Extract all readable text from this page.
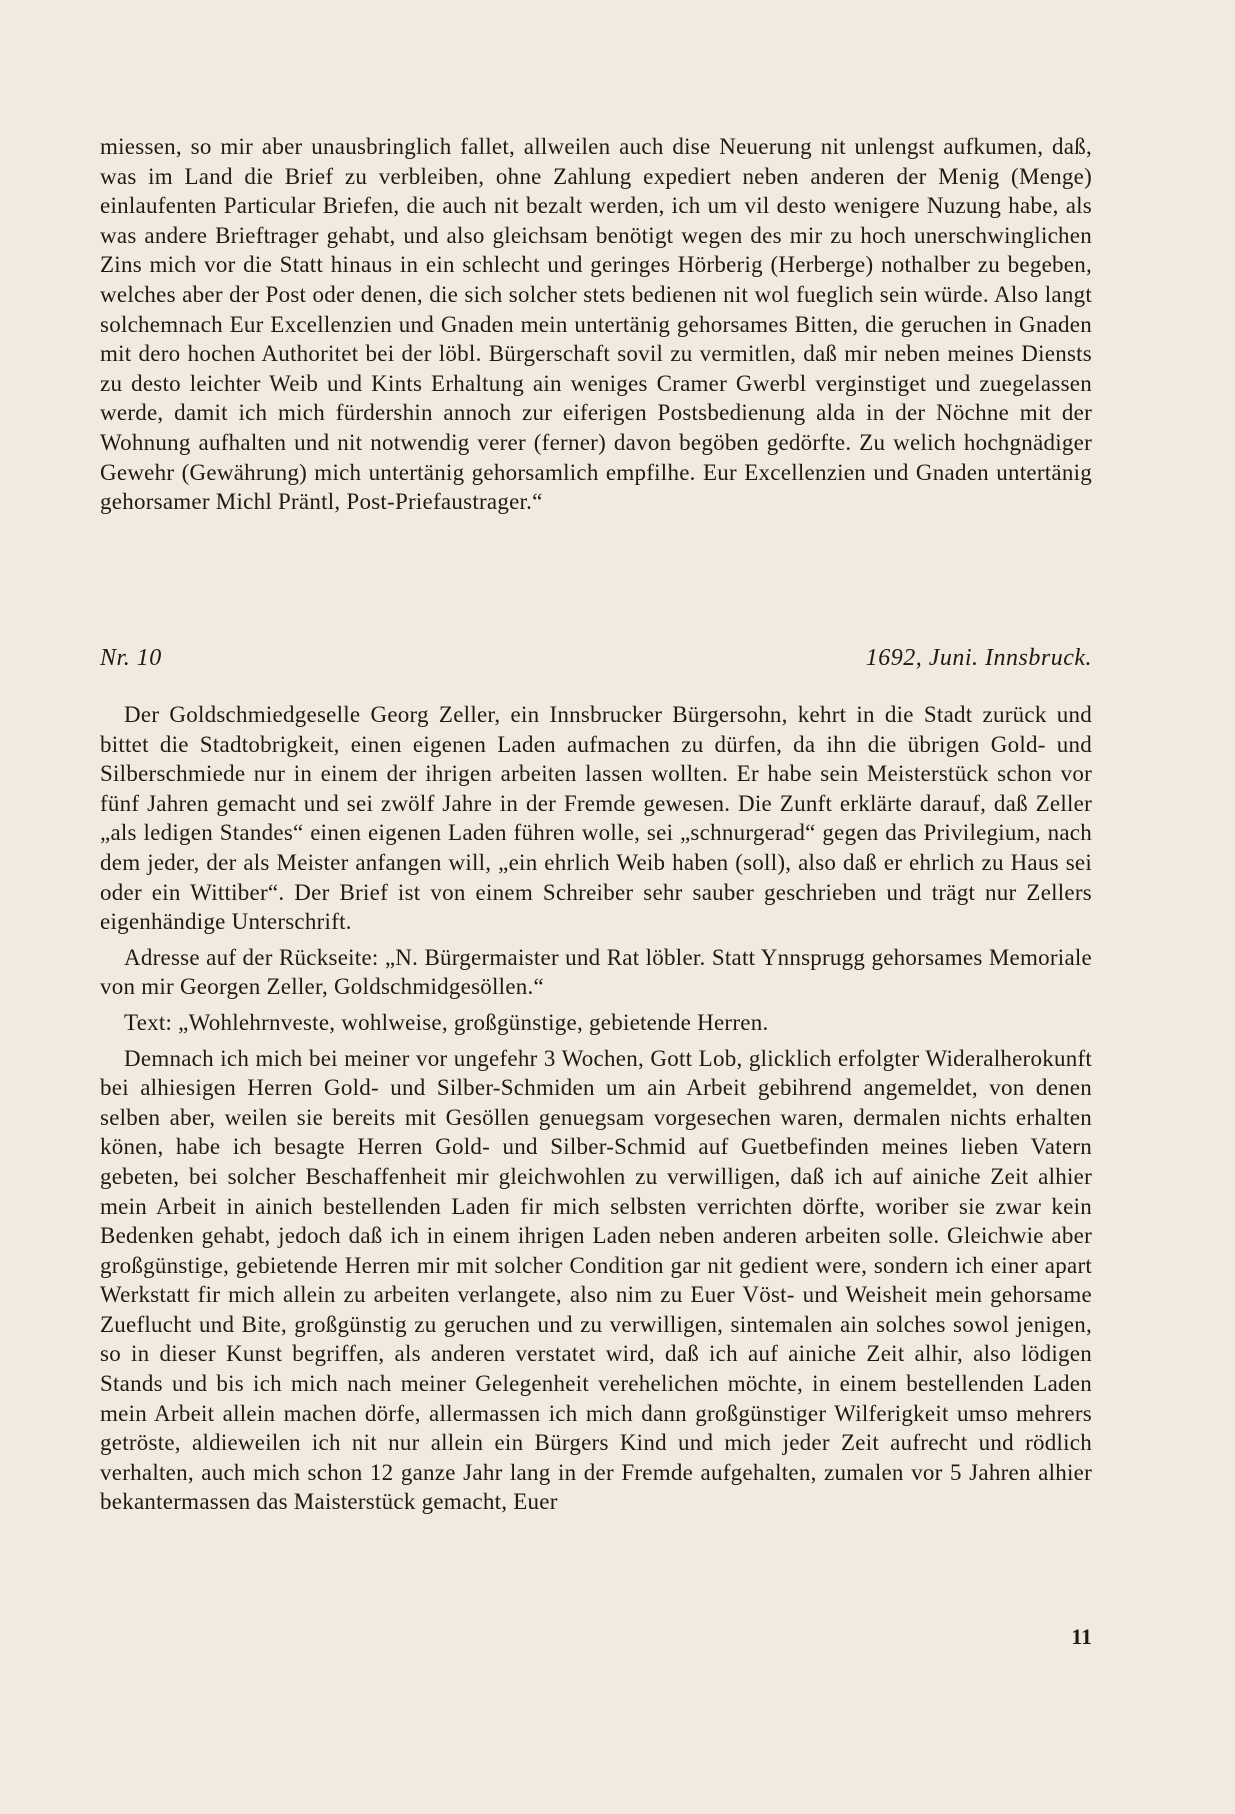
miessen, so mir aber unausbringlich fallet, allweilen auch dise Neuerung nit unlengst aufkumen, daß, was im Land die Brief zu verbleiben, ohne Zahlung expediert neben anderen der Menig (Menge) einlaufenten Particular Briefen, die auch nit bezalt werden, ich um vil desto wenigere Nuzung habe, als was andere Brieftrager gehabt, und also gleichsam benötigt wegen des mir zu hoch unerschwinglichen Zins mich vor die Statt hinaus in ein schlecht und geringes Hörberig (Herberge) nothalber zu begeben, welches aber der Post oder denen, die sich solcher stets bedienen nit wol fueglich sein würde. Also langt solchemnach Eur Excellenzien und Gnaden mein untertänig gehorsames Bitten, die geruchen in Gnaden mit dero hochen Authoritet bei der löbl. Bürgerschaft sovil zu vermitlen, daß mir neben meines Diensts zu desto leichter Weib und Kints Erhaltung ain weniges Cramer Gwerbl verginstiget und zuegelassen werde, damit ich mich fürdershin annoch zur eiferigen Postsbedienung alda in der Nöchne mit der Wohnung aufhalten und nit notwendig verer (ferner) davon begöben gedörfte. Zu welich hochgnädiger Gewehr (Gewährung) mich untertänig gehorsamlich empfilhe. Eur Excellenzien und Gnaden untertänig gehorsamer Michl Präntl, Post-Priefaustrager.“

Nr. 10	1692, Juni. Innsbruck.

Der Goldschmiedgeselle Georg Zeller, ein Innsbrucker Bürgersohn, kehrt in die Stadt zurück und bittet die Stadtobrigkeit, einen eigenen Laden aufmachen zu dürfen, da ihn die übrigen Gold- und Silberschmiede nur in einem der ihrigen arbeiten lassen wollten. Er habe sein Meisterstück schon vor fünf Jahren gemacht und sei zwölf Jahre in der Fremde gewesen. Die Zunft erklärte darauf, daß Zeller „als ledigen Standes“ einen eigenen Laden führen wolle, sei „schnurgerad“ gegen das Privilegium, nach dem jeder, der als Meister anfangen will, „ein ehrlich Weib haben (soll), also daß er ehrlich zu Haus sei oder ein Wittiber“. Der Brief ist von einem Schreiber sehr sauber geschrieben und trägt nur Zellers eigenhändige Unterschrift.

Adresse auf der Rückseite: „N. Bürgermaister und Rat löbler. Statt Ynnsprugg gehorsames Memoriale von mir Georgen Zeller, Goldschmidgesöllen.“

Text: „Wohlehrnveste, wohlweise, großgünstige, gebietende Herren.

Demnach ich mich bei meiner vor ungefehr 3 Wochen, Gott Lob, glicklich erfolgter Wideralherokunft bei alhiesigen Herren Gold- und Silber-Schmiden um ain Arbeit gebihrend angemeldet, von denen selben aber, weilen sie bereits mit Gesöllen genuegsam vorgesechen waren, dermalen nichts erhalten könen, habe ich besagte Herren Gold- und Silber-Schmid auf Guetbefinden meines lieben Vatern gebeten, bei solcher Beschaffenheit mir gleichwohlen zu verwilligen, daß ich auf ainiche Zeit alhier mein Arbeit in ainich bestellenden Laden fir mich selbsten verrichten dörfte, woriber sie zwar kein Bedenken gehabt, jedoch daß ich in einem ihrigen Laden neben anderen arbeiten solle. Gleichwie aber großgünstige, gebietende Herren mir mit solcher Condition gar nit gedient were, sondern ich einer apart Werkstatt fir mich allein zu arbeiten verlangete, also nim zu Euer Vöst- und Weisheit mein gehorsame Zueflucht und Bite, großgünstig zu geruchen und zu verwilligen, sintemalen ain solches sowol jenigen, so in dieser Kunst begriffen, als anderen verstatet wird, daß ich auf ainiche Zeit alhir, also lödigen Stands und bis ich mich nach meiner Gelegenheit verehelichen möchte, in einem bestellenden Laden mein Arbeit allein machen dörfe, allermassen ich mich dann großgünstiger Wilferigkeit umso mehrers getröste, aldieweilen ich nit nur allein ein Bürgers Kind und mich jeder Zeit aufrecht und rödlich verhalten, auch mich schon 12 ganze Jahr lang in der Fremde aufgehalten, zumalen vor 5 Jahren alhier bekantermassen das Maisterstück gemacht, Euer

11
